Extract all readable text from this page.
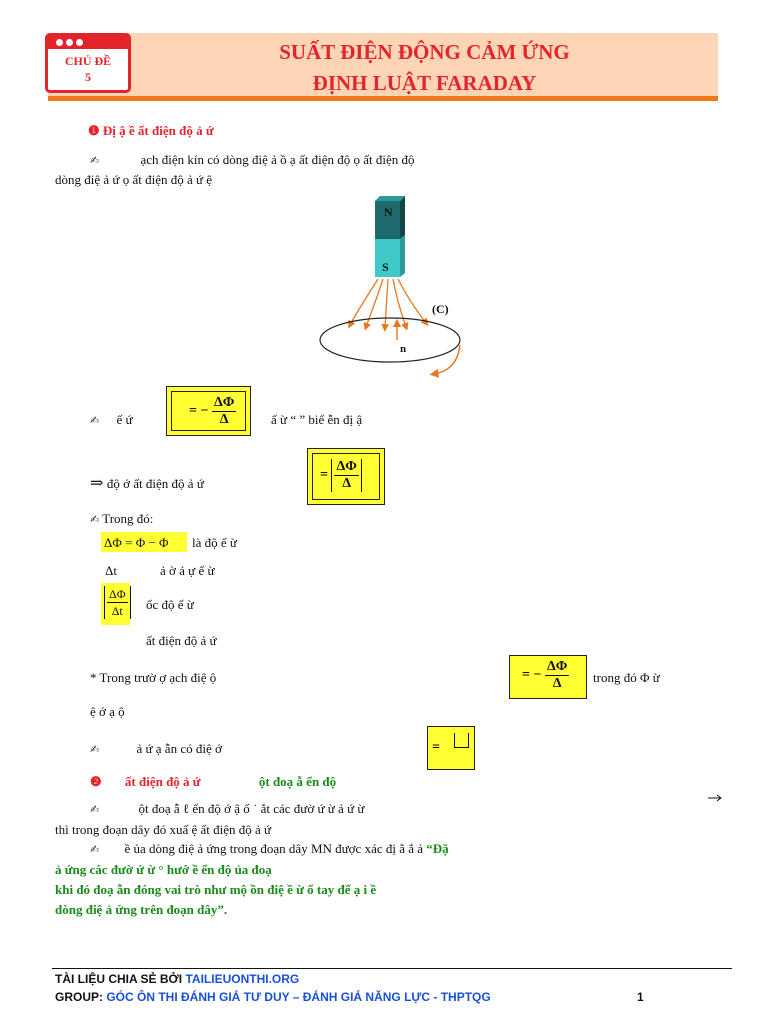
CHỦ ĐỀ
5
SUẤT ĐIỆN ĐỘNG CẢM ỨNG
ĐỊNH LUẬT FARADAY
❶ Đị ậ ề ất điện độ ả ứ
✍	ạch điện kín có dòng điệ ả ồ ạ ất điện độ ọ ất điện độ
dòng điệ ả ứ ọ ất điện độ ả ứ ệ
N
S
n
(C)
✍ ế ứ
= − $\frac{\Delta\Phi}{\Delta}$	ấ ừ “ ” biể ễn đị ậ
⇒ độ ớ ất điện độ ả ứ
= $\frac{\Delta\Phi}{\Delta}$
✍ Trong đó:
ΔΦ = Φ − Φ là độ ế ừ
Δt	ả ờ ả ự ế ừ
$\frac{\Delta\Phi}{\Delta t}$ ốc độ ế ừ
ất điện độ ả ứ
* Trong trườ ợ ạch điệ ộ	= − $\frac{\Delta\Phi}{\Delta}$ trong đó Φ ừ
ệ ớ ạ ộ
✍	ả ứ ạ ẫn có điệ ớ	=
❷ ất điện độ ả ứ	ột đoạ ẫ ển độ
✍	ột đoạ ẫ ℓ ển độ ớ ậ ố ˙ ắt các đườ ứ ừ ả ứ ừ
thì trong đoạn dây đó xuấ ệ ất điện độ ả ứ
✍ ề ủa dòng điệ ả ứng trong đoạn dây MN được xác đị ằ ắ ả “Đặ
ả ứng các đườ ứ ừ ° hướ ề ển độ ủa đoạ
khi đó đoạ ẫn đóng vai trò như mộ ồn điệ ề ừ ổ tay đế ạ i ề
dòng điệ ả ứng trên đoạn dây”.
TÀI LIỆU CHIA SẺ BỞI TAILIEUONTHI.ORG
GROUP: GÓC ÔN THI ĐÁNH GIÁ TƯ DUY – ĐÁNH GIÁ NĂNG LỰC - THPTQG	1
